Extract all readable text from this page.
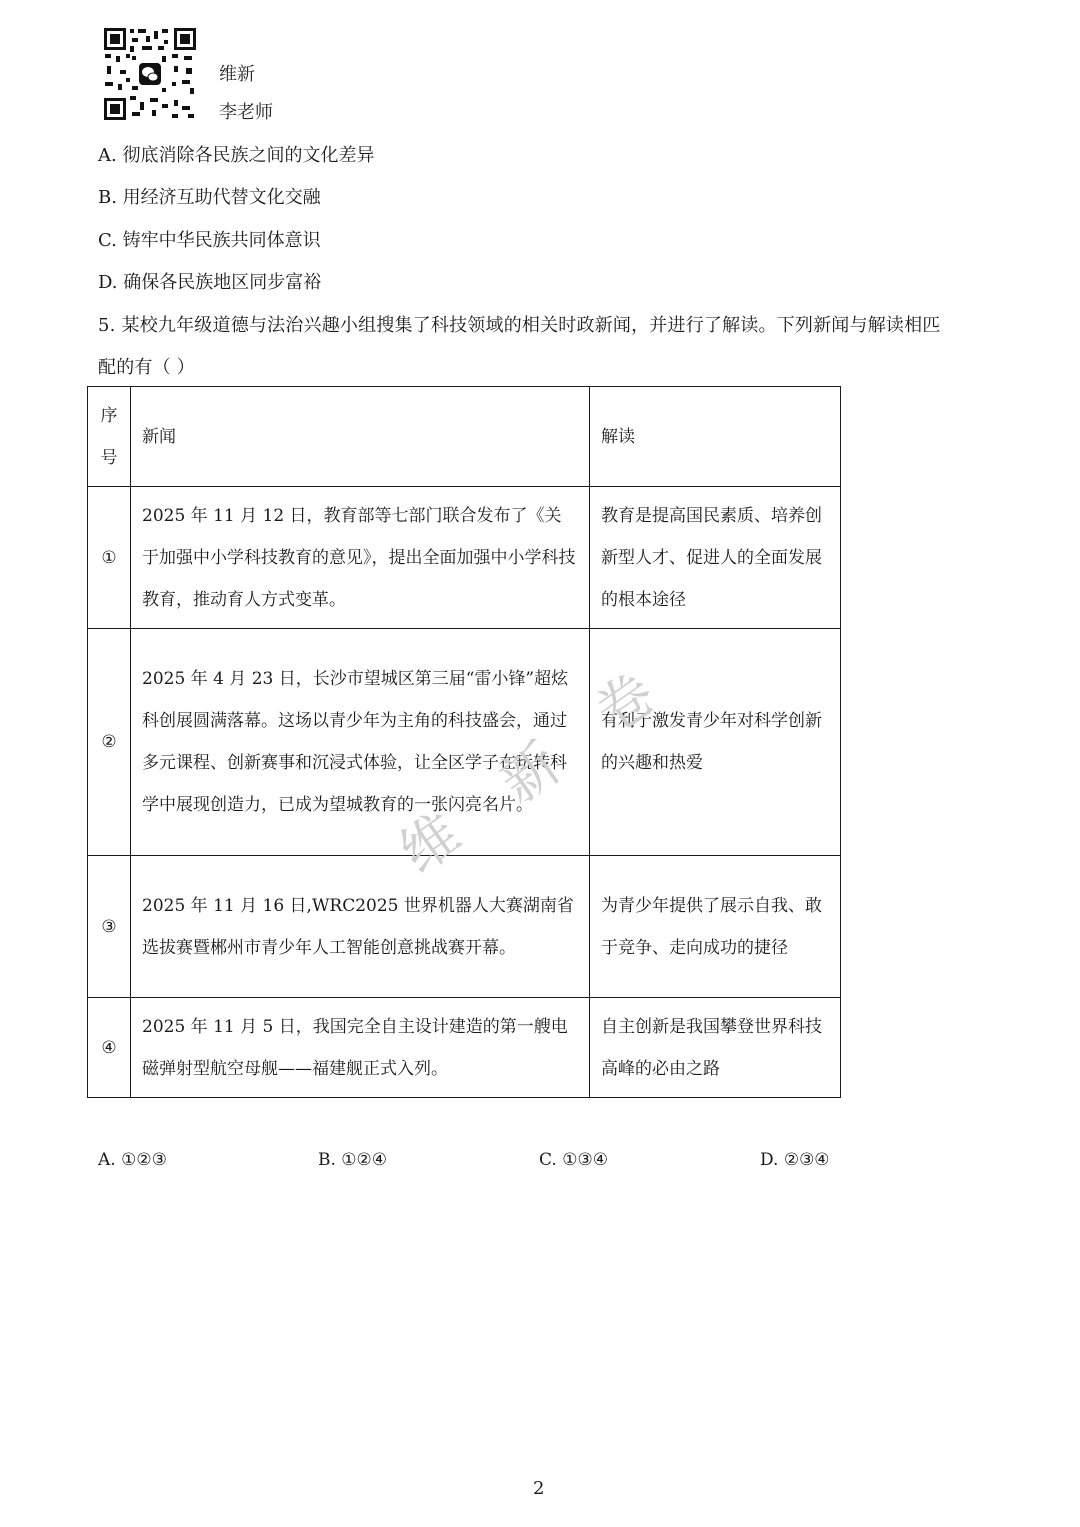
维新
李老师
A. 彻底消除各民族之间的文化差异
B. 用经济互助代替文化交融
C. 铸牢中华民族共同体意识
D. 确保各民族地区同步富裕
5. 某校九年级道德与法治兴趣小组搜集了科技领域的相关时政新闻，并进行了解读。下列新闻与解读相匹
配的有（ ）
序
号	新闻	解读
①	2025 年 11 月 12 日，教育部等七部门联合发布了《关于加强中小学科技教育的意见》，提出全面加强中小学科技教育，推动育人方式变革。	教育是提高国民素质、培养创新型人才、促进人的全面发展的根本途径
②	2025 年 4 月 23 日，长沙市望城区第三届“雷小锋”超炫科创展圆满落幕。这场以青少年为主角的科技盛会，通过多元课程、创新赛事和沉浸式体验，让全区学子在玩转科学中展现创造力，已成为望城教育的一张闪亮名片。	有利于激发青少年对科学创新的兴趣和热爱
③	2025 年 11 月 16 日,WRC2025 世界机器人大赛湖南省选拔赛暨郴州市青少年人工智能创意挑战赛开幕。	为青少年提供了展示自我、敢于竞争、走向成功的捷径
④	2025 年 11 月 5 日，我国完全自主设计建造的第一艘电磁弹射型航空母舰——福建舰正式入列。	自主创新是我国攀登世界科技高峰的必由之路
维
新
卷
A. ①②③	B. ①②④	C. ①③④	D. ②③④
2
